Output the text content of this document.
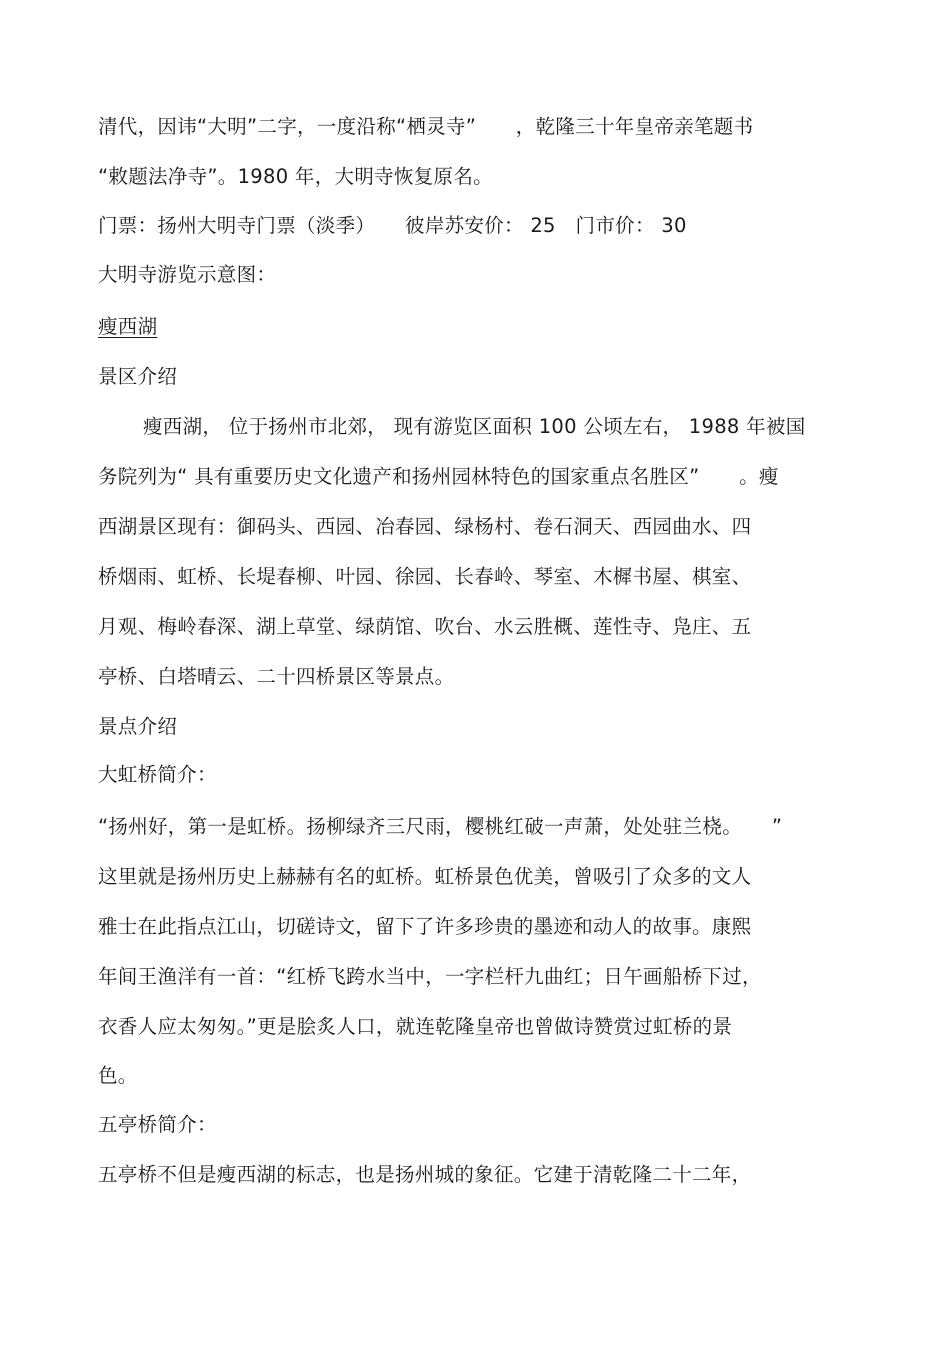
清代，因讳“大明”二字，一度沿称“栖灵寺”　　，乾隆三十年皇帝亲笔题书
“敕题法净寺”。1980 年，大明寺恢复原名。
门票：扬州大明寺门票（淡季）　　彼岸苏安价： 25　门市价： 30
大明寺游览示意图：
瘦西湖
景区介绍
瘦西湖， 位于扬州市北郊， 现有游览区面积 100 公顷左右， 1988 年被国
务院列为“ 具有重要历史文化遗产和扬州园林特色的国家重点名胜区”　　。瘦
西湖景区现有：御码头、西园、冶春园、绿杨村、卷石洞天、西园曲水、四
桥烟雨、虹桥、长堤春柳、叶园、徐园、长春岭、琴室、木樨书屋、棋室、
月观、梅岭春深、湖上草堂、绿荫馆、吹台、水云胜概、莲性寺、凫庄、五
亭桥、白塔晴云、二十四桥景区等景点。
景点介绍
大虹桥简介：
“扬州好，第一是虹桥。扬柳绿齐三尺雨，樱桃红破一声萧，处处驻兰桡。　　”
这里就是扬州历史上赫赫有名的虹桥。虹桥景色优美，曾吸引了众多的文人
雅士在此指点江山，切磋诗文，留下了许多珍贵的墨迹和动人的故事。康熙
年间王渔洋有一首：“红桥飞跨水当中，一字栏杆九曲红；日午画船桥下过，
衣香人应太匆匆。”更是脍炙人口，就连乾隆皇帝也曾做诗赞赏过虹桥的景
色。
五亭桥简介：
五亭桥不但是瘦西湖的标志，也是扬州城的象征。它建于清乾隆二十二年，
